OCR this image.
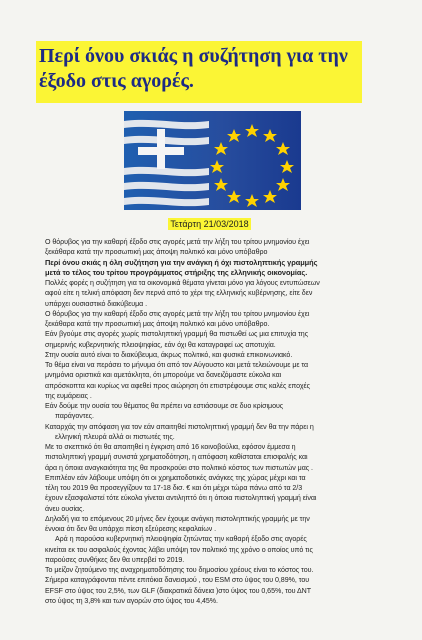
Περί όνου σκιάς η συζήτηση για την έξοδο στις αγορές.
Τετάρτη 21/03/2018
Ο θόρυβος για την καθαρή έξοδο στις αγορές μετά την λήξη του τρίτου μνημονίου έχει
ξεκάθαρα κατά την προσωπική μας άποψη πολιτικό και μόνο υπόβαθρο
Περί όνου σκιάς η όλη συζήτηση για την ανάγκη ή όχι πιστοληπτικής γραμμής
μετά το τέλος του τρίτου προγράμματος στήριξης της ελληνικής οικονομίας.
Πολλές φορές η συζήτηση για τα οικονομικά θέματα γίνεται μόνο για λόγους εντυπώσεων
αφού είτε η τελική απόφαση δεν περνά από το χέρι της ελληνικής κυβέρνησης, είτε δεν
υπάρχει ουσιαστικό διακύβευμα .
Ο θόρυβος για την καθαρή έξοδο στις αγορές μετά την λήξη του τρίτου μνημονίου έχει
ξεκάθαρα κατά την προσωπική μας άποψη πολιτικό και μόνο υπόβαθρο.
Εάν βγούμε στις αγορές χωρίς πιστοληπτική γραμμή θα πιστωθεί ως μια επιτυχία της
σημερινής κυβερνητικής πλειοψηφίας, εάν όχι θα καταγραφεί ως αποτυχία.
Στην ουσία αυτό είναι το διακύβευμα, άκρως πολιτικό, και φυσικά επικοινωνιακό.
Το θέμα είναι να περάσει το μήνυμα ότι από τον Αύγουστο και μετά τελειώνουμε με τα
μνημόνια οριστικά και αμετάκλητα, ότι μπορούμε να δανειζόμαστε εύκολα και
απρόσκοπτα και κυρίως να αφεθεί προς αιώρηση ότι επιστρέφουμε στις καλές εποχές
της ευμάρειας .
Εάν δούμε την ουσία του θέματος θα πρέπει να εστιάσουμε σε δυο κρίσιμους
παράγοντες.
Καταρχάς την απόφαση για τον εάν απαιτηθεί πιστοληπτική γραμμή δεν θα την πάρει η
ελληνική πλευρά αλλά οι πιστωτές της.
Με το σκεπτικό ότι θα απαιτηθεί η έγκριση από 16 κοινοβούλια, εφόσον έμμεσα η
πιστοληπτική γραμμή συνιστά χρηματοδότηση, η απόφαση καθίσταται επισφαλής και
άρα η όποια αναγκαιότητα της θα προσκρούει στο πολιτικό κόστος των πιστωτών μας .
Επιπλέον εάν λάβουμε υπόψη ότι οι χρηματοδοτικές ανάγκες της χώρας μέχρι και τα
τέλη του 2019 θα προσεγγίζουν τα 17-18 δισ. € και ότι μέχρι τώρα πάνω από τα 2/3
έχουν εξασφαλιστεί τότε εύκολα γίνεται αντιληπτό ότι η όποια πιστοληπτική γραμμή είναι
άνευ ουσίας.
Δηλαδή για το επόμενους 20 μήνες δεν έχουμε ανάγκη πιστοληπτικής γραμμής με την
έννοια ότι δεν θα υπάρχει πίεση εξεύρεσης κεφαλαίων .
Αρά η παρούσα κυβερνητική πλειοψηφία ζητώντας την καθαρή έξοδο στις αγορές
κινείται εκ του ασφαλούς έχοντας λάβει υπόψη τον πολιτικό της χρόνο ο οποίος υπό τις
παρούσες συνθήκες δεν θα υπερβεί το 2019.
Το μείζον ζητούμενο της αναχρηματοδότησης του δημοσίου χρέους είναι το κόστος του.
Σήμερα καταγράφονται πέντε επιτόκια δανεισμού , του ESM στο ύψος του 0,89%, του
EFSF στο ύψος του 2,5%, των GLF (διακρατικά δάνεια )στο ύψος του 0,65%, του ΔΝΤ
στο ύψος τη 3,8% και των αγορών στο ύψος του 4,45%.
